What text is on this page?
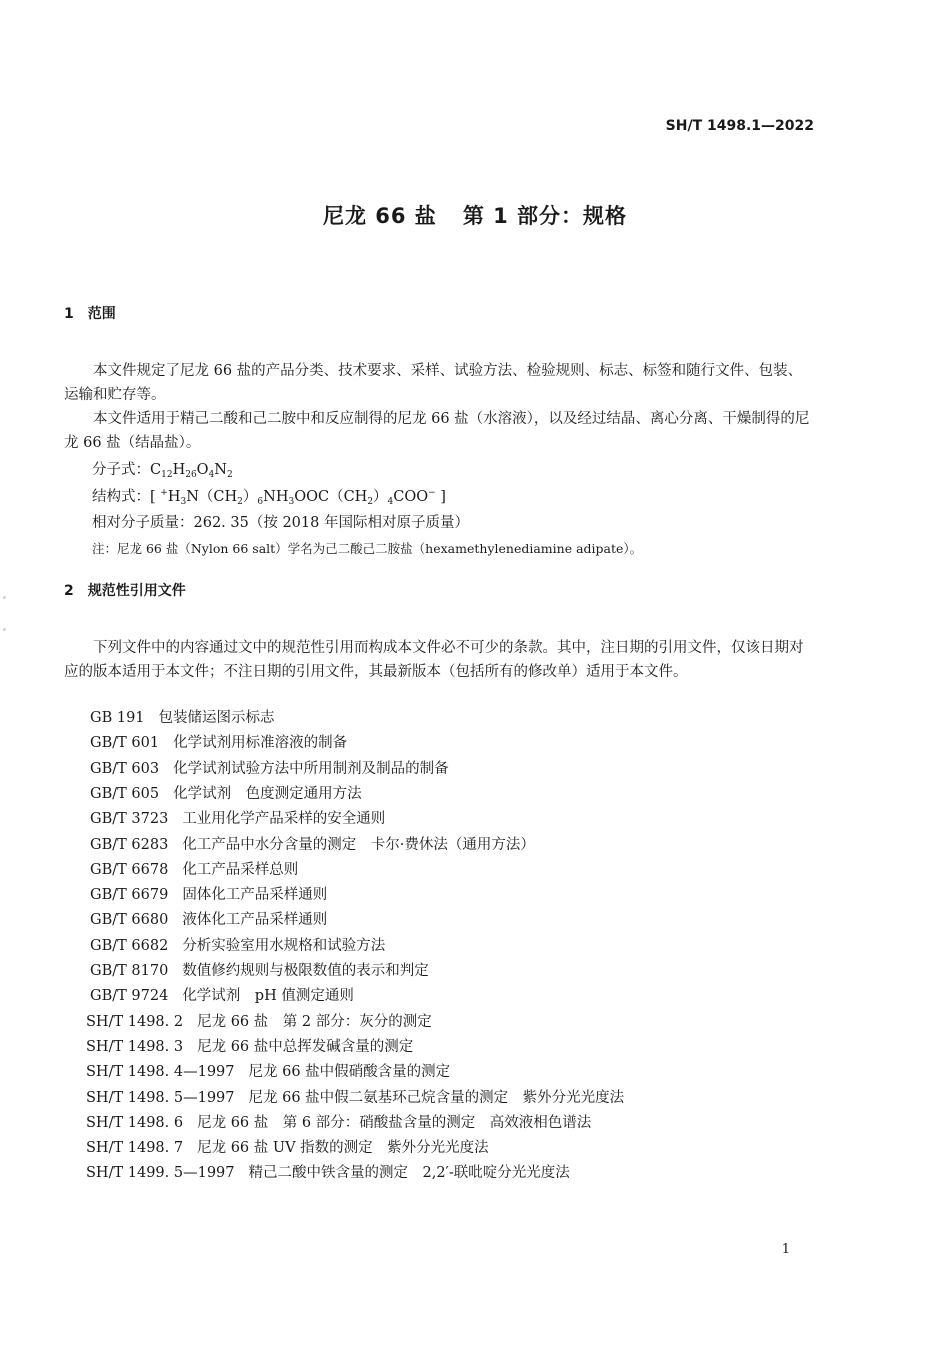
SH/T 1498.1—2022
尼龙 66 盐 第 1 部分：规格
1　范围
本文件规定了尼龙 66 盐的产品分类、技术要求、采样、试验方法、检验规则、标志、标签和随行文件、包装、运输和贮存等。
本文件适用于精己二酸和己二胺中和反应制得的尼龙 66 盐（水溶液），以及经过结晶、离心分离、干燥制得的尼龙 66 盐（结晶盐）。
分子式：$C_{12}H_{26}O_4N_2$
结构式：[ $^+H_3N(CH_2)_6NH_3OOC(CH_2)_4COO^-$ ]
相对分子质量：262. 35（按 2018 年国际相对原子质量）
注：尼龙 66 盐（Nylon 66 salt）学名为己二酸己二胺盐（hexamethylenediamine adipate）。
2　规范性引用文件
下列文件中的内容通过文中的规范性引用而构成本文件必不可少的条款。其中，注日期的引用文件，仅该日期对应的版本适用于本文件；不注日期的引用文件，其最新版本（包括所有的修改单）适用于本文件。
GB 191 包装储运图示标志
GB/T 601 化学试剂用标准溶液的制备
GB/T 603 化学试剂试验方法中所用制剂及制品的制备
GB/T 605 化学试剂　色度测定通用方法
GB/T 3723 工业用化学产品采样的安全通则
GB/T 6283 化工产品中水分含量的测定　卡尔·费休法（通用方法）
GB/T 6678 化工产品采样总则
GB/T 6679 固体化工产品采样通则
GB/T 6680 液体化工产品采样通则
GB/T 6682 分析实验室用水规格和试验方法
GB/T 8170 数值修约规则与极限数值的表示和判定
GB/T 9724 化学试剂　pH 值测定通则
SH/T 1498. 2 尼龙 66 盐　第 2 部分：灰分的测定
SH/T 1498. 3 尼龙 66 盐中总挥发碱含量的测定
SH/T 1498. 4—1997 尼龙 66 盐中假硝酸含量的测定
SH/T 1498. 5—1997 尼龙 66 盐中假二氨基环己烷含量的测定　紫外分光光度法
SH/T 1498. 6 尼龙 66 盐　第 6 部分：硝酸盐含量的测定　高效液相色谱法
SH/T 1498. 7 尼龙 66 盐 UV 指数的测定　紫外分光光度法
SH/T 1499. 5—1997 精己二酸中铁含量的测定　2,2′-联吡啶分光光度法
1
